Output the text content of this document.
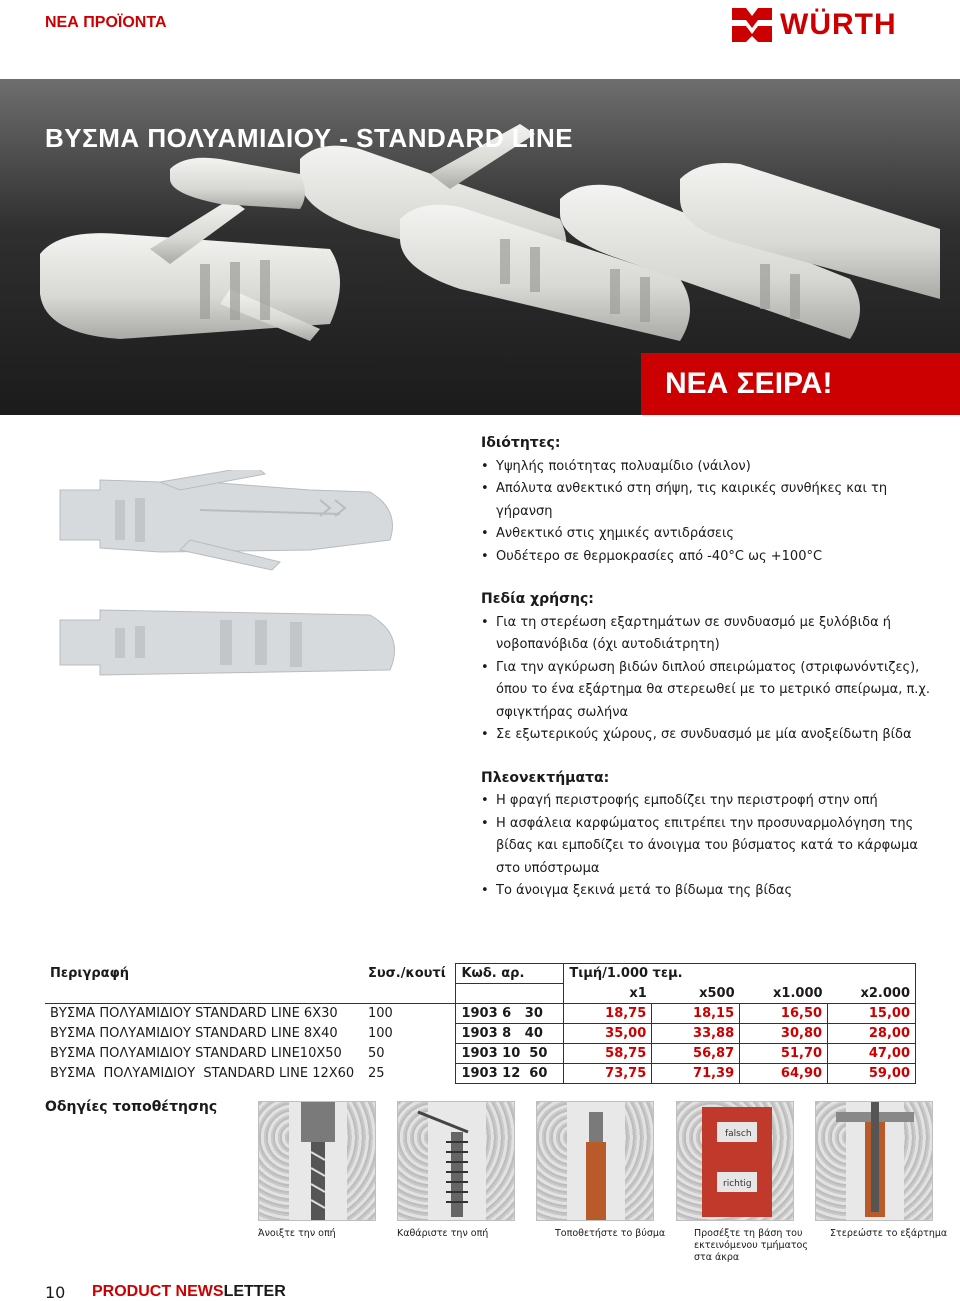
ΝΕΑ ΠΡΟΪΟΝΤΑ	WÜRTH
ΒΥΣΜΑ ΠΟΛΥΑΜΙΔΙΟΥ - STANDARD LINE
ΝΕΑ ΣΕΙΡΑ!
Ιδιότητες:
• Υψηλής ποιότητας πολυαμίδιο (νάιλον)
• Απόλυτα ανθεκτικό στη σήψη, τις καιρικές συνθήκες και τη γήρανση
• Ανθεκτικό στις χημικές αντιδράσεις
• Ουδέτερο σε θερμοκρασίες από -40°C ως +100°C
Πεδία χρήσης:
• Για τη στερέωση εξαρτημάτων σε συνδυασμό με ξυλόβιδα ή νοβοπανόβιδα (όχι αυτοδιάτρητη)
• Για την αγκύρωση βιδών διπλού σπειρώματος (στριφωνόντιζες), όπου το ένα εξάρτημα θα στερεωθεί με το μετρικό σπείρωμα, π.χ. σφιγκτήρας σωλήνα
• Σε εξωτερικούς χώρους, σε συνδυασμό με μία ανοξείδωτη βίδα
Πλεονεκτήματα:
• Η φραγή περιστροφής εμποδίζει την περιστροφή στην οπή
• Η ασφάλεια καρφώματος επιτρέπει την προσυναρμολόγηση της βίδας και εμποδίζει το άνοιγμα του βύσματος κατά το κάρφωμα στο υπόστρωμα
• Το άνοιγμα ξεκινά μετά το βίδωμα της βίδας
Περιγραφή	Συσ./κουτί	Κωδ. αρ.	Τιμή/1.000 τεμ.			
			x1	x500	x1.000	x2.000
ΒΥΣΜΑ ΠΟΛΥΑΜΙΔΙΟΥ STANDARD LINE 6X30	100	1903 6   30	18,75	18,15	16,50	15,00
ΒΥΣΜΑ ΠΟΛΥΑΜΙΔΙΟΥ STANDARD LINE 8X40	100	1903 8   40	35,00	33,88	30,80	28,00
ΒΥΣΜΑ ΠΟΛΥΑΜΙΔΙΟΥ STANDARD LINE10X50	50	1903 10  50	58,75	56,87	51,70	47,00
ΒΥΣΜΑ  ΠΟΛΥΑΜΙΔΙΟΥ  STANDARD LINE 12X60	25	1903 12  60	73,75	71,39	64,90	59,00
Οδηγίες τοποθέτησης
falsch
richtig
Άνοιξτε την οπή	Καθάριστε την οπή	Τοποθετήστε το βύσμα	Προσέξτε τη βάση του εκτεινόμενου τμήματος στα άκρα
Στερεώστε το εξάρτημα
10 PRODUCT NEWSLETTER
